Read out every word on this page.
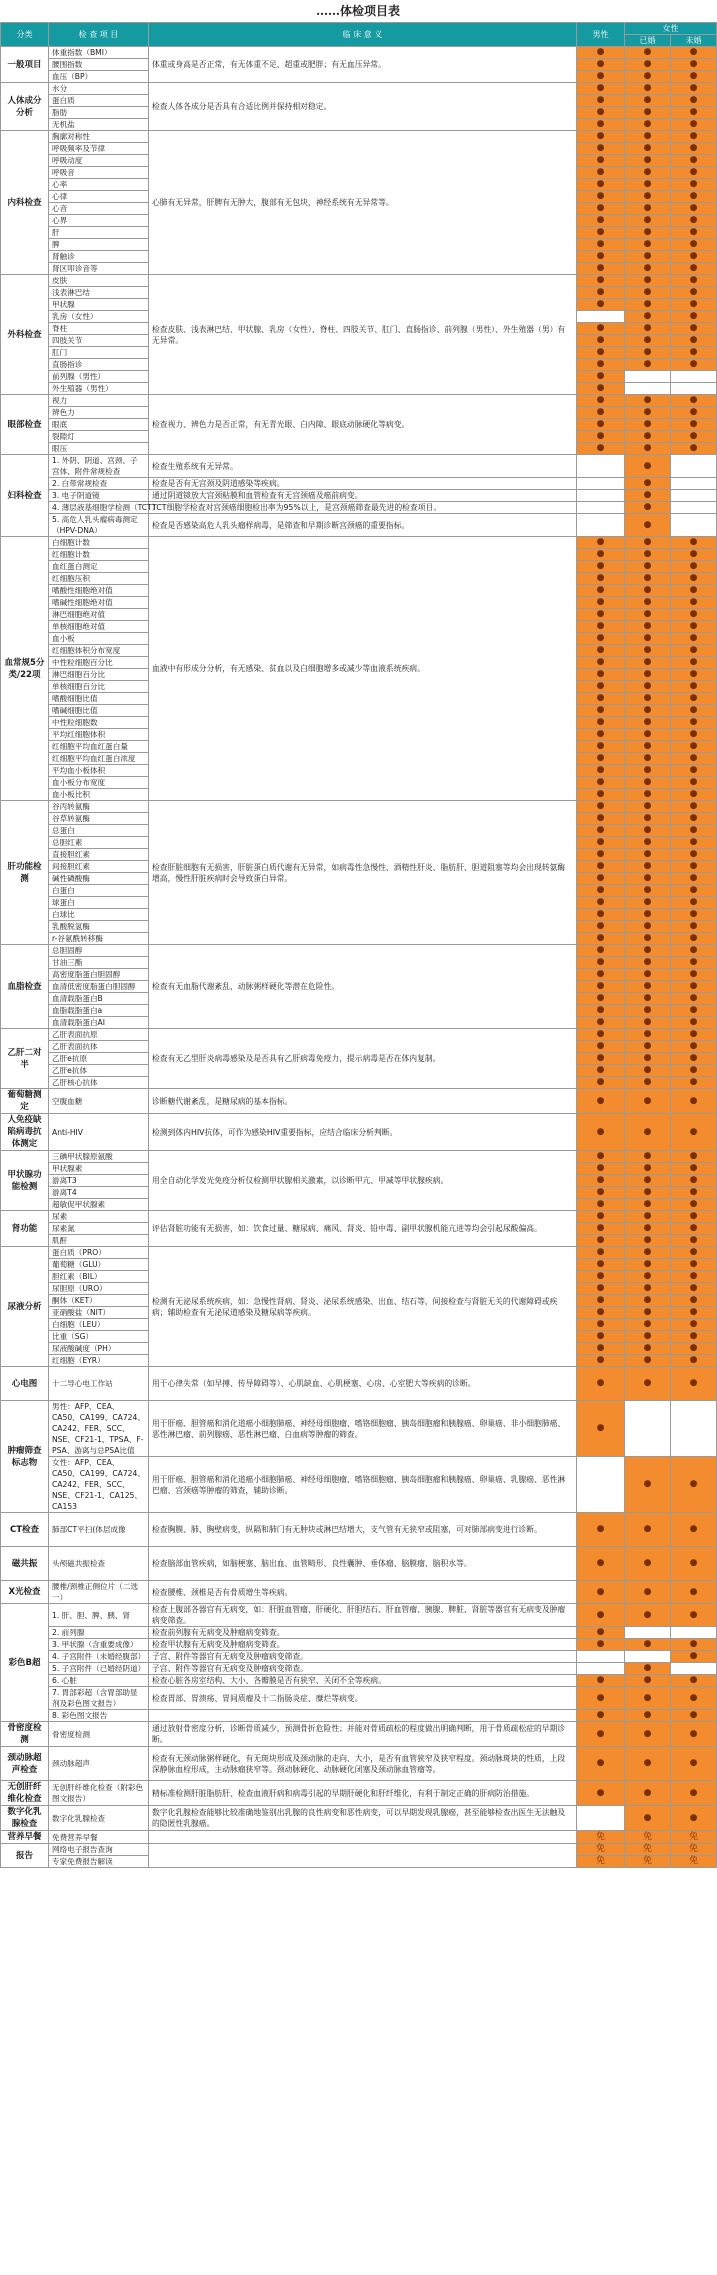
……体检项目表
分类	检 查 项 目	临 床 意 义	男性	女性	
				已婚	未婚
一般项目	体重指数（BMI）	体重或身高是否正常，有无体重不足、超重或肥胖；有无血压异常。	●	●	●
	腰围指数		●	●	●
	血压（BP）		●	●	●
人体成分分析	水分	检查人体各成分是否具有合适比例并保持相对稳定。	●	●	●
	蛋白质		●	●	●
	脂肪		●	●	●
	无机盐		●	●	●
内科检查	胸廓对称性	心肺有无异常，肝脾有无肿大，腹部有无包块，神经系统有无异常等。	●	●	●
	呼吸频率及节律		●	●	●
	呼吸动度		●	●	●
	呼吸音		●	●	●
	心率		●	●	●
	心律		●	●	●
	心音		●	●	●
	心界		●	●	●
	肝		●	●	●
	脾		●	●	●
	肾触诊		●	●	●
	肾区叩诊音等		●	●	●
外科检查	皮肤	检查皮肤、浅表淋巴结、甲状腺、乳房（女性）、脊柱、四肢关节、肛门、直肠指诊、前列腺（男性）、外生殖器（男）有无异常。	●	●	●
	浅表淋巴结		●	●	●
	甲状腺		●	●	●
	乳房（女性）			●	●
	脊柱		●	●	●
	四肢关节		●	●	●
	肛门		●	●	●
	直肠指诊		●	●	●
	前列腺（男性）		●		
	外生殖器（男性）		●		
眼部检查	视力	检查视力、辨色力是否正常，有无青光眼、白内障、眼底动脉硬化等病变。	●	●	●
	辨色力		●	●	●
	眼底		●	●	●
	裂隙灯		●	●	●
	眼压		●	●	●
妇科检查	1. 外阴、阴道、宫颈、子宫体、附件常规检查	检查生殖系统有无异常。		●	
	2. 白带常规检查	检查是否有无宫颈及阴道感染等疾病。		●	
	3. 电子阴道镜	通过阴道镜放大宫颈粘膜和血管检查有无宫颈癌及癌前病变。		●	
	4. 薄层液基细胞学检测（TCT）	TCT细胞学检查对宫颈癌细胞检出率为95%以上，是宫颈癌筛查最先进的检查项目。		●	
	5. 高危人乳头瘤病毒测定（HPV-DNA）	检查是否感染高危人乳头瘤样病毒，是筛查和早期诊断宫颈癌的重要指标。		●	
血常规5分类/22项	白细胞计数	血液中有形成分分析，有无感染、贫血以及白细胞增多或减少等血液系统疾病。	●	●	●
	红细胞计数		●	●	●
	血红蛋白测定		●	●	●
	红细胞压积		●	●	●
	嗜酸性细胞绝对值		●	●	●
	嗜碱性细胞绝对值		●	●	●
	淋巴细胞绝对值		●	●	●
	单核细胞绝对值		●	●	●
	血小板		●	●	●
	红细胞体积分布宽度		●	●	●
	中性粒细胞百分比		●	●	●
	淋巴细胞百分比		●	●	●
	单核细胞百分比		●	●	●
	嗜酸细胞比值		●	●	●
	嗜碱细胞比值		●	●	●
	中性粒细胞数		●	●	●
	平均红细胞体积		●	●	●
	红细胞平均血红蛋白量		●	●	●
	红细胞平均血红蛋白浓度		●	●	●
	平均血小板体积		●	●	●
	血小板分布宽度		●	●	●
	血小板比积		●	●	●
肝功能检测	谷丙转氨酶	检查肝脏细胞有无损害，肝脏蛋白质代谢有无异常，如病毒性急慢性、酒精性肝炎、脂肪肝、胆道阻塞等均会出现转氨酶增高，慢性肝脏疾病时会导致蛋白异常。	●	●	●
	谷草转氨酶		●	●	●
	总蛋白		●	●	●
	总胆红素		●	●	●
	直接胆红素		●	●	●
	间接胆红素		●	●	●
	碱性磷酸酶		●	●	●
	白蛋白		●	●	●
	球蛋白		●	●	●
	白球比		●	●	●
	乳酸脱氢酶		●	●	●
	r-谷氨酰转移酶		●	●	●
血脂检查	总胆固醇	检查有无血脂代谢紊乱，动脉粥样硬化等潜在危险性。	●	●	●
	甘油三酯		●	●	●
	高密度脂蛋白胆固醇		●	●	●
	血清低密度脂蛋白胆固醇		●	●	●
	血清载脂蛋白B		●	●	●
	血脂载脂蛋白a		●	●	●
	血清载脂蛋白AI		●	●	●
乙肝二对半	乙肝表面抗原	检查有无乙型肝炎病毒感染及是否具有乙肝病毒免疫力，提示病毒是否在体内复制。	●	●	●
	乙肝表面抗体		●	●	●
	乙肝e抗原		●	●	●
	乙肝e抗体		●	●	●
	乙肝核心抗体		●	●	●
葡萄糖测定	空腹血糖	诊断糖代谢紊乱，是糖尿病的基本指标。	●	●	●
人免疫缺陷病毒抗体测定	Anti-HIV	检测到体内HIV抗体，可作为感染HIV重要指标，应结合临床分析判断。	●	●	●
甲状腺功能检测	三碘甲状腺原氨酸	用全自动化学发光免疫分析仪检测甲状腺相关激素，以诊断甲亢、甲减等甲状腺疾病。	●	●	●
	甲状腺素		●	●	●
	游离T3		●	●	●
	游离T4		●	●	●
	超敏促甲状腺素		●	●	●
肾功能	尿素	评估肾脏功能有无损害，如：饮食过量、糖尿病、痛风、肾炎、铅中毒、副甲状腺机能亢进等均会引起尿酸偏高。	●	●	●
	尿素氮		●	●	●
	肌酐		●	●	●
尿液分析	蛋白质（PRO）	检测有无泌尿系统疾病，如：急慢性肾病、肾炎、泌尿系统感染、出血、结石等，间接检查与肾脏无关的代谢障碍或疾病；辅助检查有无泌尿道感染及糖尿病等疾病。	●	●	●
	葡萄糖（GLU）		●	●	●
	胆红素（BIL）		●	●	●
	尿胆原（URO）		●	●	●
	酮体（KET）		●	●	●
	亚硝酸盐（NIT）		●	●	●
	白细胞（LEU）		●	●	●
	比重（SG）		●	●	●
	尿液酸碱度（PH）		●	●	●
	红细胞（EYR）		●	●	●
心电图	十二导心电工作站	用于心律失常（如早搏、传导障碍等）、心肌缺血、心肌梗塞、心房、心室肥大等疾病的诊断。	●	●	●
肿瘤筛查标志物	男性：AFP、CEA、CA50、CA199、CA724、CA242、FER、SCC、NSE、CF21-1、TPSA、F-PSA、游离与总PSA比值	用于肝癌、胆管癌和消化道癌小细胞肺癌、神经母细胞瘤、嗜铬细胞瘤、胰岛细胞瘤和胰腺癌、卵巢癌、非小细胞肺癌、恶性淋巴瘤、前列腺癌、恶性淋巴瘤、白血病等肿瘤的筛查。	●		
	女性：AFP、CEA、CA50、CA199、CA724、CA242、FER、SCC、NSE、CF21-1、CA125、CA153	用于肝癌、胆管癌和消化道癌小细胞肺癌、神经母细胞瘤、嗜铬细胞瘤、胰岛细胞瘤和胰腺癌、卵巢癌、乳腺癌、恶性淋巴瘤、宫颈癌等肿瘤的筛查，辅助诊断。		●	●
CT检查	肺部CT平扫(体层成像	检查胸膜、肺、胸壁病变，纵隔和肺门有无肿块或淋巴结增大，支气管有无狭窄或阻塞，可对肺部病变进行诊断。	●	●	●
磁共振	头颅磁共振检查	检查脑部血管疾病，如脑梗塞、脑出血、血管畸形、良性囊肿、垂体瘤、脑膜瘤、脑积水等。	●	●	●
X光检查	腰椎/颈椎正侧位片（二选一）	检查腰椎、颈椎是否有骨质增生等疾病。	●	●	●
彩色B超	1. 肝、胆、脾、胰、肾	检查上腹部各器官有无病变，如：肝脏血管瘤、肝硬化、肝胆结石、肝血管瘤、胰腺、脾脏、肾脏等器官有无病变及肿瘤病变筛查。	●	●	●
	2. 前列腺	检查前列腺有无病变及肿瘤病变筛查。	●		
	3. 甲状腺（含重要成像）	检查甲状腺有无病变及肿瘤病变筛查。	●	●	●
	4. 子宫附件（未婚经腹部）	子宫、附件等器官有无病变及肿瘤病变筛查。			●
	5. 子宫附件（已婚经阴道）	子宫、附件等器官有无病变及肿瘤病变筛查。		●	
	6. 心脏	检查心脏各房室结构、大小、各瓣膜是否有狭窄、关闭不全等疾病。	●	●	●
	7. 胃部彩超（含胃部助显剂及彩色图文报告）	检查胃部、胃溃疡、胃间质瘤及十二指肠炎症、糜烂等病变。	●	●	●
	8. 彩色图文报告		●	●	●
骨密度检测	骨密度检测	通过放射骨密度分析，诊断骨质减少，预测骨折危险性；并能对骨质疏松的程度做出明确判断，用于骨质疏松症的早期诊断。	●	●	●
颈动脉超声检查	颈动脉超声	检查有无颈动脉粥样硬化，有无斑块形成及颈动脉的走向、大小，是否有血管狭窄及狭窄程度。颈动脉斑块的性质，上段深静脉血栓形成，主动脉瘤狭窄等。颈动脉硬化、动脉硬化闭塞及颈动脉血管瘤等。	●	●	●
无创肝纤维化检查	无创肝纤维化检查（附彩色图文报告）	精标准检测肝脏脂肪肝、检查血液肝病和病毒引起的早期肝硬化和肝纤维化，有利于制定正确的肝病防治措施。	●	●	●
数字化乳腺检查	数字化乳腺检查	数字化乳腺检查能够比较准确地鉴别出乳腺的良性病变和恶性病变，可以早期发现乳腺癌，甚至能够检查出医生无法触及的隐匿性乳腺癌。		●	●
营养早餐	免费营养早餐		免	免	免
报告	网络电子报告查询		免	免	免
	专家免费报告解读		免	免	免
